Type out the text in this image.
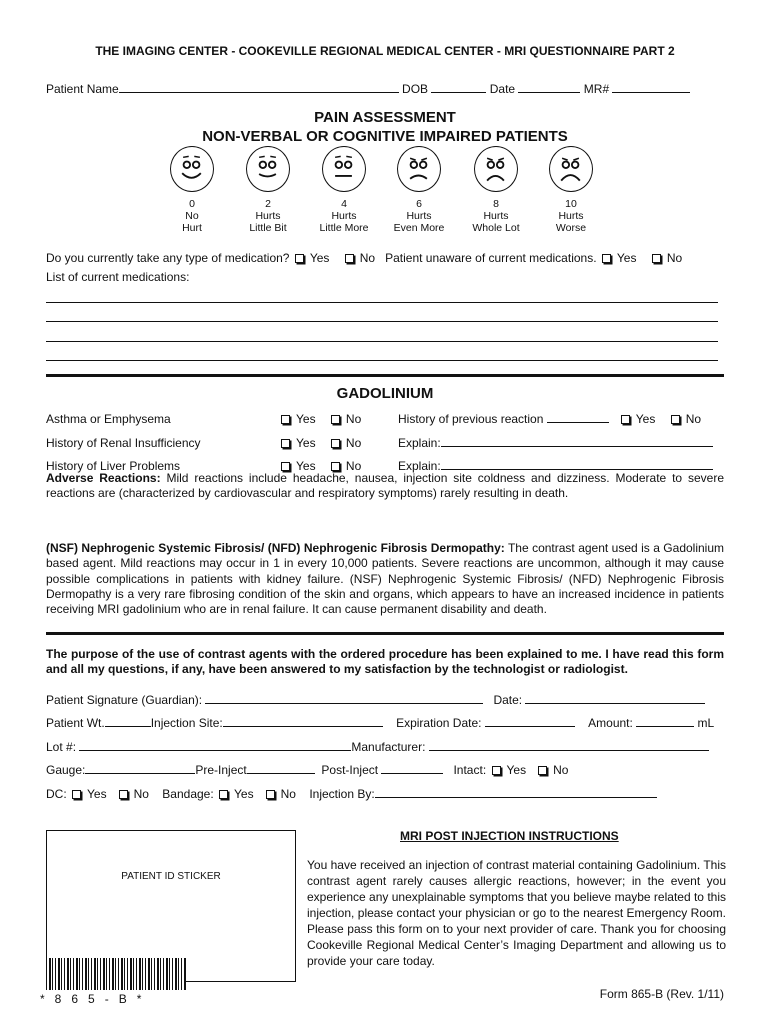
THE IMAGING CENTER - COOKEVILLE REGIONAL MEDICAL CENTER - MRI QUESTIONNAIRE PART 2
Patient Name	DOB	Date	MR#
PAIN ASSESSMENT
NON-VERBAL OR COGNITIVE IMPAIRED PATIENTS
0
No
Hurt
2
Hurts
Little Bit
4
Hurts
Little More
6
Hurts
Even More
8
Hurts
Whole Lot
10
Hurts
Worse
Do you currently take any type of medication? Yes	No Patient unaware of current medications. Yes	No
List of current medications:
GADOLINIUM
Asthma or Emphysema	Yes	No	History of previous reaction	Yes	No
History of Renal Insufficiency	Yes	No	Explain:
History of Liver Problems	Yes	No	Explain:
Adverse Reactions: Mild reactions include headache, nausea, injection site coldness and dizziness. Moderate to severe reactions are (characterized by cardiovascular and respiratory symptoms) rarely resulting in death.
(NSF) Nephrogenic Systemic Fibrosis/ (NFD) Nephrogenic Fibrosis Dermopathy: The contrast agent used is a Gadolinium based agent. Mild reactions may occur in 1 in every 10,000 patients. Severe reactions are uncommon, although it may cause possible complications in patients with kidney failure. (NSF) Nephrogenic Systemic Fibrosis/ (NFD) Nephrogenic Fibrosis Dermopathy is a very rare fibrosing condition of the skin and organs, which appears to have an increased incidence in patients receiving MRI gadolinium who are in renal failure. It can cause permanent disability and death.
The purpose of the use of contrast agents with the ordered procedure has been explained to me. I have read this form and all my questions, if any, have been answered to my satisfaction by the technologist or radiologist.
Patient Signature (Guardian):	Date:
Patient Wt.	Injection Site:	Expiration Date:	Amount:	mL
Lot #:	Manufacturer:
Gauge:	Pre-Inject	Post-Inject	Intact: Yes No
DC: Yes No Bandage: Yes No Injection By:
PATIENT ID STICKER
*   8   6   5   -   B   *
MRI POST INJECTION INSTRUCTIONS
You have received an injection of contrast material containing Gadolinium. This contrast agent rarely causes allergic reactions, however; in the event you experience any unexplainable symptoms that you believe maybe related to this injection, please contact your physician or go to the nearest Emergency Room. Please pass this form on to your next provider of care. Thank you for choosing Cookeville Regional Medical Center’s Imaging Department and allowing us to provide your care today.
Form 865-B (Rev. 1/11)
